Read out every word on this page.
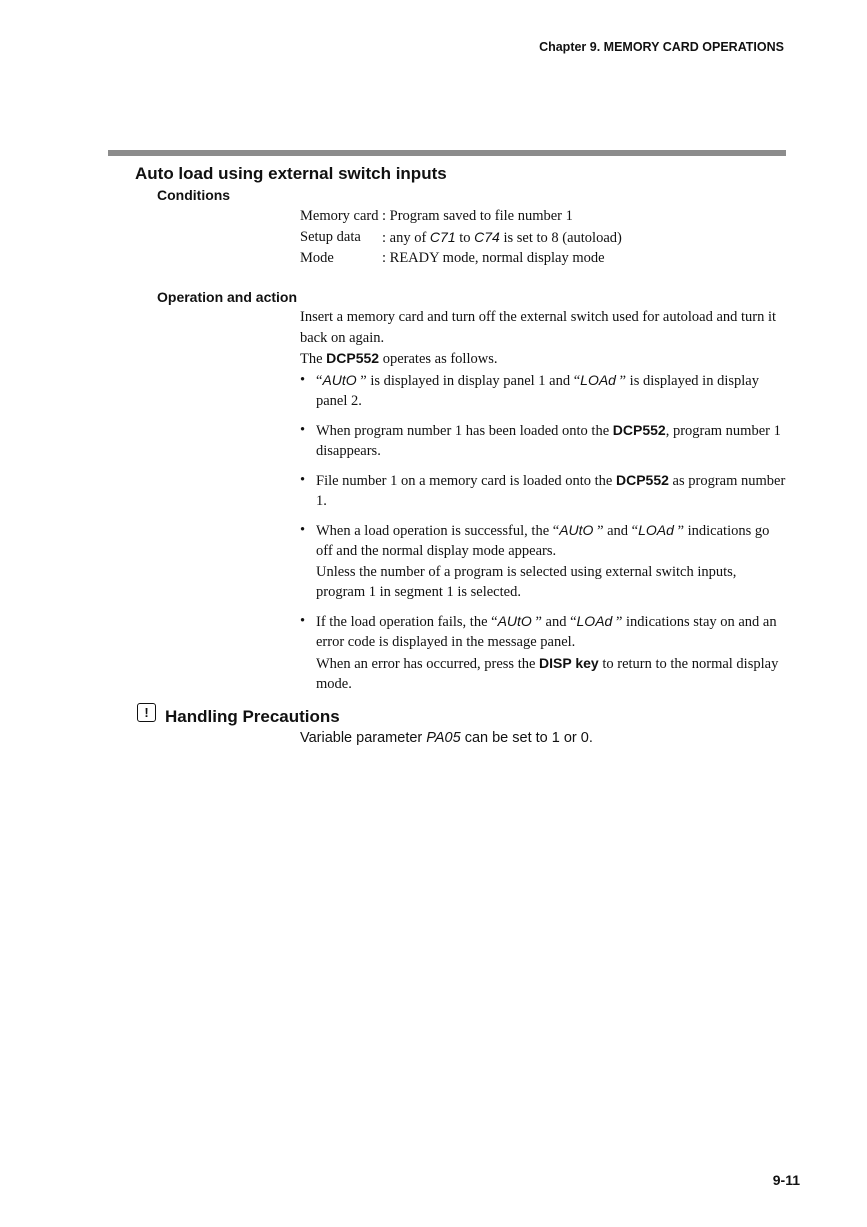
Chapter 9. MEMORY CARD OPERATIONS
Auto load using external switch inputs
Conditions
Memory card : Program saved to file number 1
Setup data	: any of C71 to C74 is set to 8 (autoload)
Mode	: READY mode, normal display mode
Operation and action

Insert a memory card and turn off the external switch used for autoload and turn it back on again.

The DCP552 operates as follows.

• “AUtO ” is displayed in display panel 1 and “LOAd ” is displayed in display panel 2.
• When program number 1 has been loaded onto the DCP552, program number 1 disappears.
• File number 1 on a memory card is loaded onto the DCP552 as program number 1.
• When a load operation is successful, the “AUtO ” and “LOAd ” indications go off and the normal display mode appears.
Unless the number of a program is selected using external switch inputs, program 1 in segment 1 is selected.
• If the load operation fails, the “AUtO ” and “LOAd ” indications stay on and an error code is displayed in the message panel.
When an error has occurred, press the DISP key to return to the normal display mode.
! Handling Precautions
Variable parameter PA05 can be set to 1 or 0.
9-11
